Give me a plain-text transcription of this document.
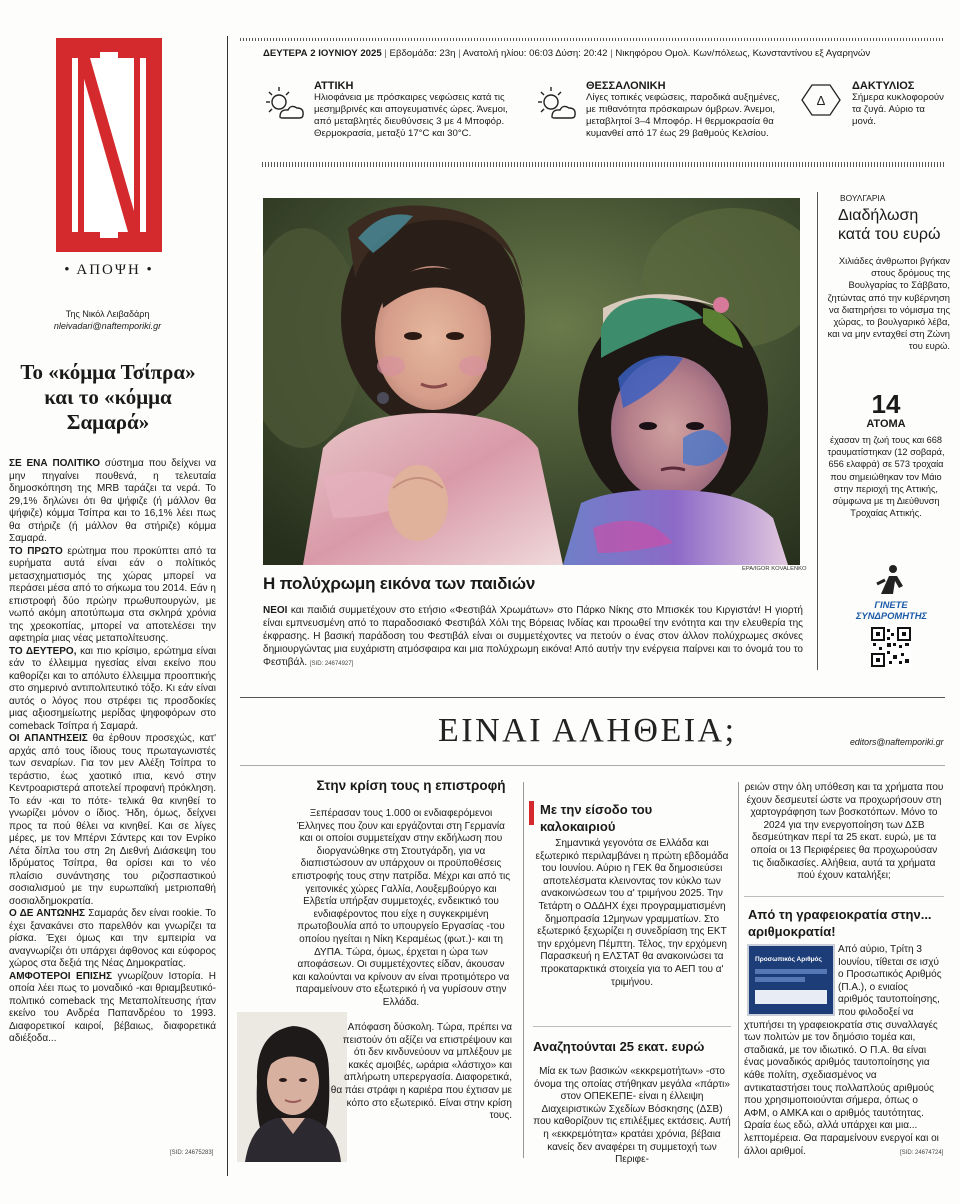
• ΑΠΟΨΗ •
Της Νικόλ Λειβαδάρη
nleivadari@naftemporiki.gr
Το «κόμμα Τσίπρα» και το «κόμμα Σαμαρά»

ΣΕ ΕΝΑ ΠΟΛΙΤΙΚΟ σύστημα που δείχνει να μην πηγαίνει πουθενά, η τελευταία δημοσκόπηση της MRB ταράζει τα νερά. Το 29,1% δηλώνει ότι θα ψήφιζε (ή μάλλον θα ψήφιζε) κόμμα Τσίπρα και το 16,1% λέει πως θα στήριζε (ή μάλλον θα στήριζε) κόμμα Σαμαρά.

ΤΟ ΠΡΩΤΟ ερώτημα που προκύπτει από τα ευρήματα αυτά είναι εάν ο πολίτικός μετασχηματισμός της χώρας μπορεί να περάσει μέσα από το σήκωμα του 2014. Εάν η επιστροφή δύο πρώην πρωθυπουργών, με νωπό ακόμη αποτύπωμα στα σκληρά χρόνια της χρεοκοπίας, μπορεί να αποτελέσει την αφετηρία μιας νέας μεταπολίτευσης.

ΤΟ ΔΕΥΤΕΡΟ, και πιο κρίσιμο, ερώτημα είναι εάν το έλλειμμα ηγεσίας είναι εκείνο που καθορίζει και το απόλυτο έλλειμμα προοπτικής στο σημερινό αντιπολιτευτικό τόξο. Κι εάν είναι αυτός ο λόγος που στρέφει τις προσδοκίες μιας αξιοσημείωτης μερίδας ψηφοφόρων στο comeback Τσίπρα ή Σαμαρά.

ΟΙ ΑΠΑΝΤΗΣΕΙΣ θα έρθουν προσεχώς, κατ' αρχάς από τους ίδιους τους πρωταγωνιστές των σεναρίων. Για τον μεν Αλέξη Τσίπρα το τεράστιο, έως χαοτικό ιπια, κενό στην Κεντροαριστερά αποτελεί προφανή πρόκληση. Το εάν -και το πότε- τελικά θα κινηθεί το γνωρίζει μόνον ο ίδιος. Ήδη, όμως, δείχνει προς τα πού θέλει να κινηθεί. Και σε λίγες μέρες, με τον Μπέρνι Σάντερς και τον Ενρίκο Λέτα δίπλα του στη 2η Διεθνή Διάσκεψη του Ιδρύματος Τσίπρα, θα ορίσει και το νέο πλαίσιο συνάντησης του ριζοσπαστικού σοσιαλισμού με την ευρωπαϊκή μετριοπαθή σοσιαλδημοκρατία.

Ο ΔΕ ΑΝΤΩΝΗΣ Σαμαράς δεν είναι rookie. Το έχει ξανακάνει στο παρελθόν και γνωρίζει τα ρίσκα. Έχει όμως και την εμπειρία να αναγνωρίζει ότι υπάρχει άφθονος και εύφορος χώρος στα δεξιά της Νέας Δημοκρατίας.

ΑΜΦΟΤΕΡΟΙ ΕΠΙΣΗΣ γνωρίζουν Ιστορία. Η οποία λέει πως το μοναδικό -και θριαμβευτικό- πολιτικό comeback της Μεταπολίτευσης ήταν εκείνο του Ανδρέα Παπανδρέου το 1993. Διαφορετικοί καιροί, βέβαιως, διαφορετικά αδιέξοδα...

[SID: 24675283]
ΔΕΥΤΕΡΑ 2 ΙΟΥΝΙΟΥ 2025 | Εβδομάδα: 23η | Ανατολή ηλίου: 06:03 Δύση: 20:42 | Νικηφόρου Ομολ. Κων/πόλεως, Κωνσταντίνου εξ Αγαρηνών
ΑΤΤΙΚΗ
Ηλιοφάνεια με πρόσκαιρες νεφώσεις κατά τις μεσημβρινές και απογευματινές ώρες. Άνεμοι, από μεταβλητές διευθύνσεις 3 με 4 Μποφόρ. Θερμοκρασία, μεταξύ 17°C και 30°C.
ΘΕΣΣΑΛΟΝΙΚΗ
Λίγες τοπικές νεφώσεις, παροδικά αυξημένες, με πιθανότητα πρόσκαιρων όμβρων. Άνεμοι, μεταβλητοί 3–4 Μποφόρ. Η θερμοκρασία θα κυμανθεί από 17 έως 29 βαθμούς Κελσίου.
Δ
ΔΑΚΤΥΛΙΟΣ
Σήμερα κυκλοφορούν τα ζυγά. Αύριο τα μονά.
EPA/IGOR KOVALENKO
Η πολύχρωμη εικόνα των παιδιών
ΝΕΟΙ και παιδιά συμμετέχουν στο ετήσιο «Φεστιβάλ Χρωμάτων» στο Πάρκο Νίκης στο Μπισκέκ του Κιργιστάν! Η γιορτή είναι εμπνευσμένη από το παραδοσιακό Φεστιβάλ Χόλι της Βόρειας Ινδίας και προωθεί την ενότητα και την ελευθερία της έκφρασης. Η βασική παράδοση του Φεστιβάλ είναι οι συμμετέχοντες να πετούν ο ένας στον άλλον πολύχρωμες σκόνες δημιουργώντας μια ευχάριστη ατμόσφαιρα και μια πολύχρωμη εικόνα! Από αυτήν την ενέργεια παίρνει και το όνομά του το Φεστιβάλ. [SID: 24674927]
ΒΟΥΛΓΑΡΙΑ
Διαδήλωση κατά του ευρώ
Χιλιάδες άνθρωποι βγήκαν στους δρόμους της Βουλγαρίας το Σάββατο, ζητώντας από την κυβέρνηση να διατηρήσει το νόμισμα της χώρας, το βουλγαρικό λέβα, και να μην ενταχθεί στη Ζώνη του ευρώ.
14
ΑΤΟΜΑ
έχασαν τη ζωή τους και 668 τραυματίστηκαν (12 σοβαρά, 656 ελαφρά) σε 573 τροχαία που σημειώθηκαν τον Μάιο στην περιοχή της Αττικής, σύμφωνα με τη Διεύθυνση Τροχαίας Αττικής.
ΓΙΝΕΤΕ ΣΥΝΔΡΟΜΗΤΗΣ
ΕΙΝΑΙ ΑΛΗΘΕΙΑ;	editors@naftemporiki.gr
Στην κρίση τους η επιστροφή
Ξεπέρασαν τους 1.000 οι ενδιαφερόμενοι Έλληνες που ζουν και εργάζονται στη Γερμανία και οι οποίοι συμμετείχαν στην εκδήλωση που διοργανώθηκε στη Στουτγάρδη, για να διαπιστώσουν αν υπάρχουν οι προϋποθέσεις επιστροφής τους στην πατρίδα. Μέχρι και από τις γειτονικές χώρες Γαλλία, Λουξεμβούργο και Ελβετία υπήρξαν συμμετοχές, ενδεικτικό του ενδιαφέροντος που είχε η συγκεκριμένη πρωτοβουλία από το υπουργείο Εργασίας -του οποίου ηγείται η Νίκη Κεραμέως (φωτ.)- και τη ΔΥΠΑ. Τώρα, όμως, έρχεται η ώρα των αποφάσεων. Οι συμμετέχοντες είδαν, άκουσαν και καλούνται να κρίνουν αν είναι προτιμότερο να παραμείνουν στο εξωτερικό ή να γυρίσουν στην Ελλάδα.
Απόφαση δύσκολη. Τώρα, πρέπει να πειστούν ότι αξίζει να επιστρέψουν και ότι δεν κινδυνεύουν να μπλέξουν με κακές αμοιβές, ωράρια «λάστιχο» και απλήρωτη υπερεργασία. Διαφορετικά, θα πάει στράφι η καριέρα που έχτισαν με κόπο στο εξωτερικό. Είναι στην κρίση τους.
Με την είσοδο του καλοκαιριού
Σημαντικά γεγονότα σε Ελλάδα και εξωτερικό περιλαμβάνει η πρώτη εβδομάδα του Ιουνίου. Αύριο η ΓΕΚ θα δημοσιεύσει αποτελέσματα κλεινοντας τον κύκλο των ανακοινώσεων του α' τριμήνου 2025. Την Τετάρτη ο ΟΔΔΗΧ έχει προγραμματισμένη δημοπρασία 12μηνων γραμματίων. Στο εξωτερικό ξεχωρίζει η συνεδρίαση της ΕΚΤ την ερχόμενη Πέμπτη. Τέλος, την ερχόμενη Παρασκευή η ΕΛΣΤΑΤ θα ανακοινώσει τα προκαταρκτικά στοιχεία για το ΑΕΠ του α' τριμήνου.
Αναζητούνται 25 εκατ. ευρώ
Μία εκ των βασικών «εκκρεμοτήτων» -στο όνομα της οποίας στήθηκαν μεγάλα «πάρτι» στον ΟΠΕΚΕΠΕ- είναι η έλλειψη Διαχειριστικών Σχεδίων Βόσκησης (ΔΣΒ) που καθορίζουν τις επιλέξιμες εκτάσεις. Αυτή η «εκκρεμότητα» κρατάει χρόνια, βέβαια κανείς δεν αναφέρει τη συμμετοχή των Περιφε-
ρειών στην όλη υπόθεση και τα χρήματα που έχουν δεσμευτεί ώστε να προχωρήσουν στη χαρτογράφηση των βοσκοτόπων. Μόνο το 2024 για την ενεργοποίηση των ΔΣΒ δεσμεύτηκαν περί τα 25 εκατ. ευρώ, με τα οποία οι 13 Περιφέρειες θα προχωρούσαν τις διαδικασίες. Αλήθεια, αυτά τα χρήματα πού έχουν καταλήξει;
Από τη γραφειοκρατία στην... αριθμοκρατία!
Προσωπικός Αριθμός
Από αύριο, Τρίτη 3 Ιουνίου, τίθεται σε ισχύ ο Προσωπικός Αριθμός (Π.Α.), ο ενιαίος αριθμός ταυτοποίησης, που φιλοδοξεί να χτυπήσει τη γραφειοκρατία στις συναλλαγές των πολιτών με τον δημόσιο τομέα και, σταδιακά, με τον ιδιωτικό. Ο Π.Α. θα είναι ένας μοναδικός αριθμός ταυτοποίησης για κάθε πολίτη, σχεδιασμένος να αντικαταστήσει τους πολλαπλούς αριθμούς που χρησιμοποιούνται σήμερα, όπως ο ΑΦΜ, ο ΑΜΚΑ και ο αριθμός ταυτότητας. Ωραία έως εδώ, αλλά υπάρχει και μια... λεπτομέρεια. Θα παραμείνουν ενεργοί και οι άλλοι αριθμοί.	[SID: 24674724]
